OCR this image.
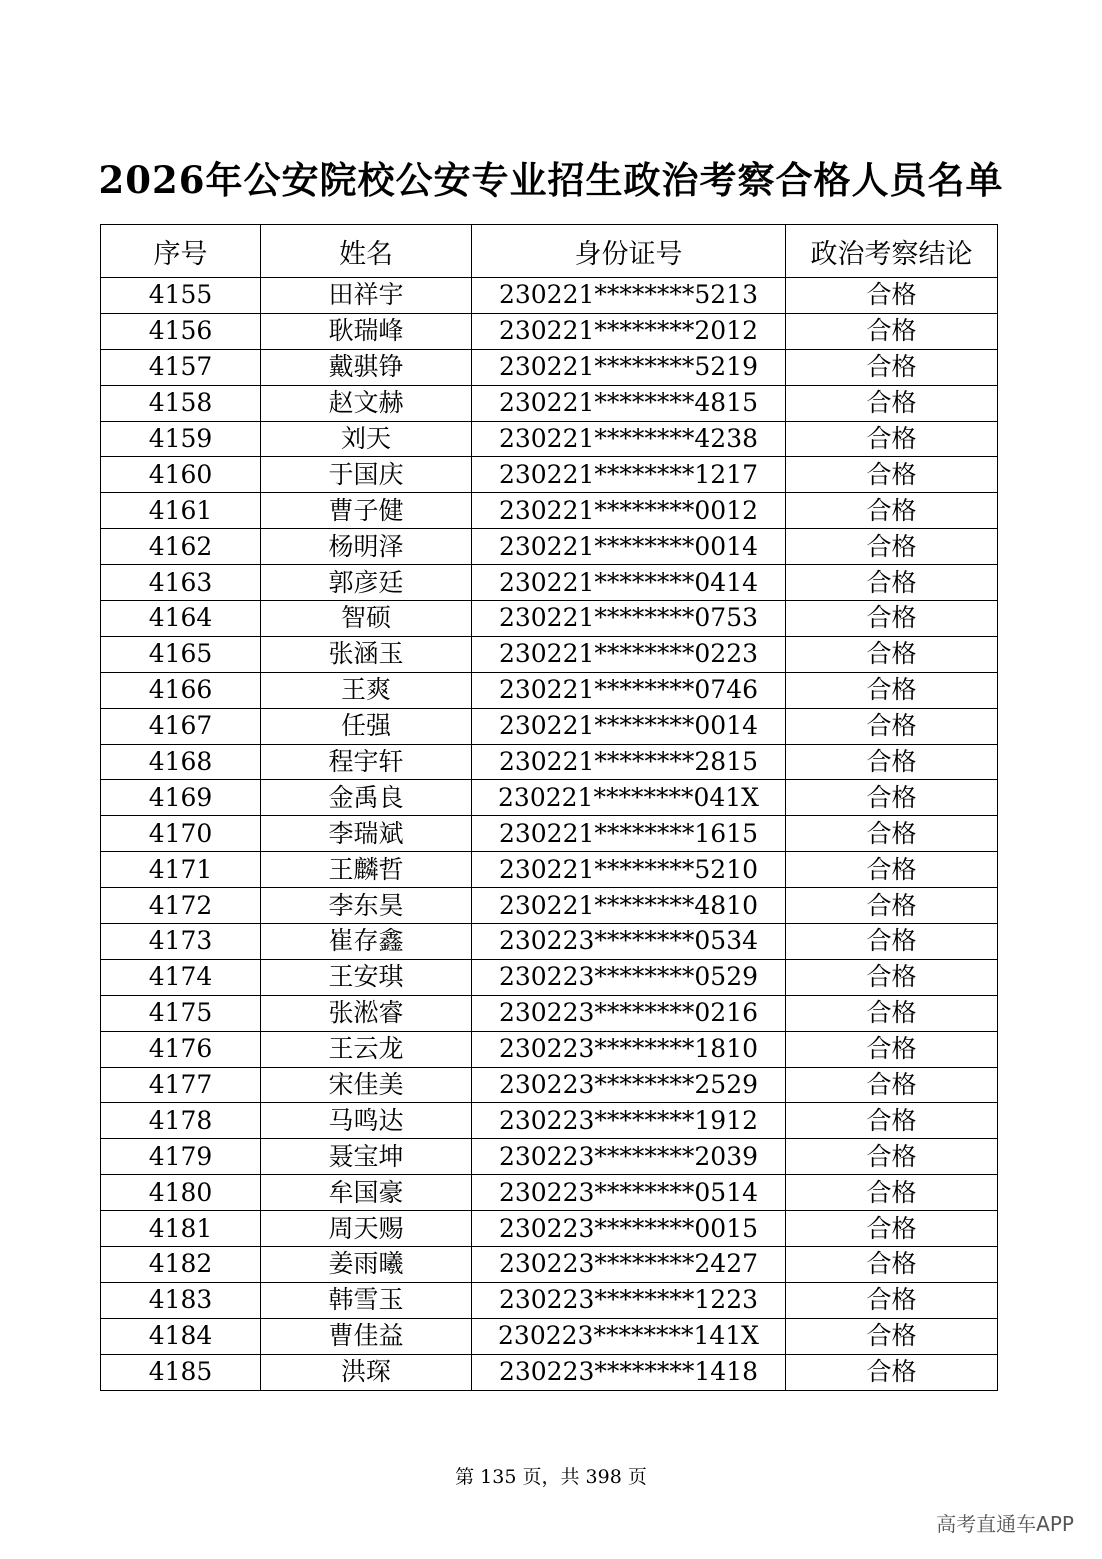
2026年公安院校公安专业招生政治考察合格人员名单
序号	姓名	身份证号	政治考察结论
4155	田祥宇	230221********5213	合格
4156	耿瑞峰	230221********2012	合格
4157	戴骐铮	230221********5219	合格
4158	赵文赫	230221********4815	合格
4159	刘天	230221********4238	合格
4160	于国庆	230221********1217	合格
4161	曹子健	230221********0012	合格
4162	杨明泽	230221********0014	合格
4163	郭彦廷	230221********0414	合格
4164	智硕	230221********0753	合格
4165	张涵玉	230221********0223	合格
4166	王爽	230221********0746	合格
4167	任强	230221********0014	合格
4168	程宇轩	230221********2815	合格
4169	金禹良	230221********041X	合格
4170	李瑞斌	230221********1615	合格
4171	王麟哲	230221********5210	合格
4172	李东昊	230221********4810	合格
4173	崔存鑫	230223********0534	合格
4174	王安琪	230223********0529	合格
4175	张淞睿	230223********0216	合格
4176	王云龙	230223********1810	合格
4177	宋佳美	230223********2529	合格
4178	马鸣达	230223********1912	合格
4179	聂宝坤	230223********2039	合格
4180	牟国豪	230223********0514	合格
4181	周天赐	230223********0015	合格
4182	姜雨曦	230223********2427	合格
4183	韩雪玉	230223********1223	合格
4184	曹佳益	230223********141X	合格
4185	洪琛	230223********1418	合格
第 135 页，共 398 页
高考直通车APP
